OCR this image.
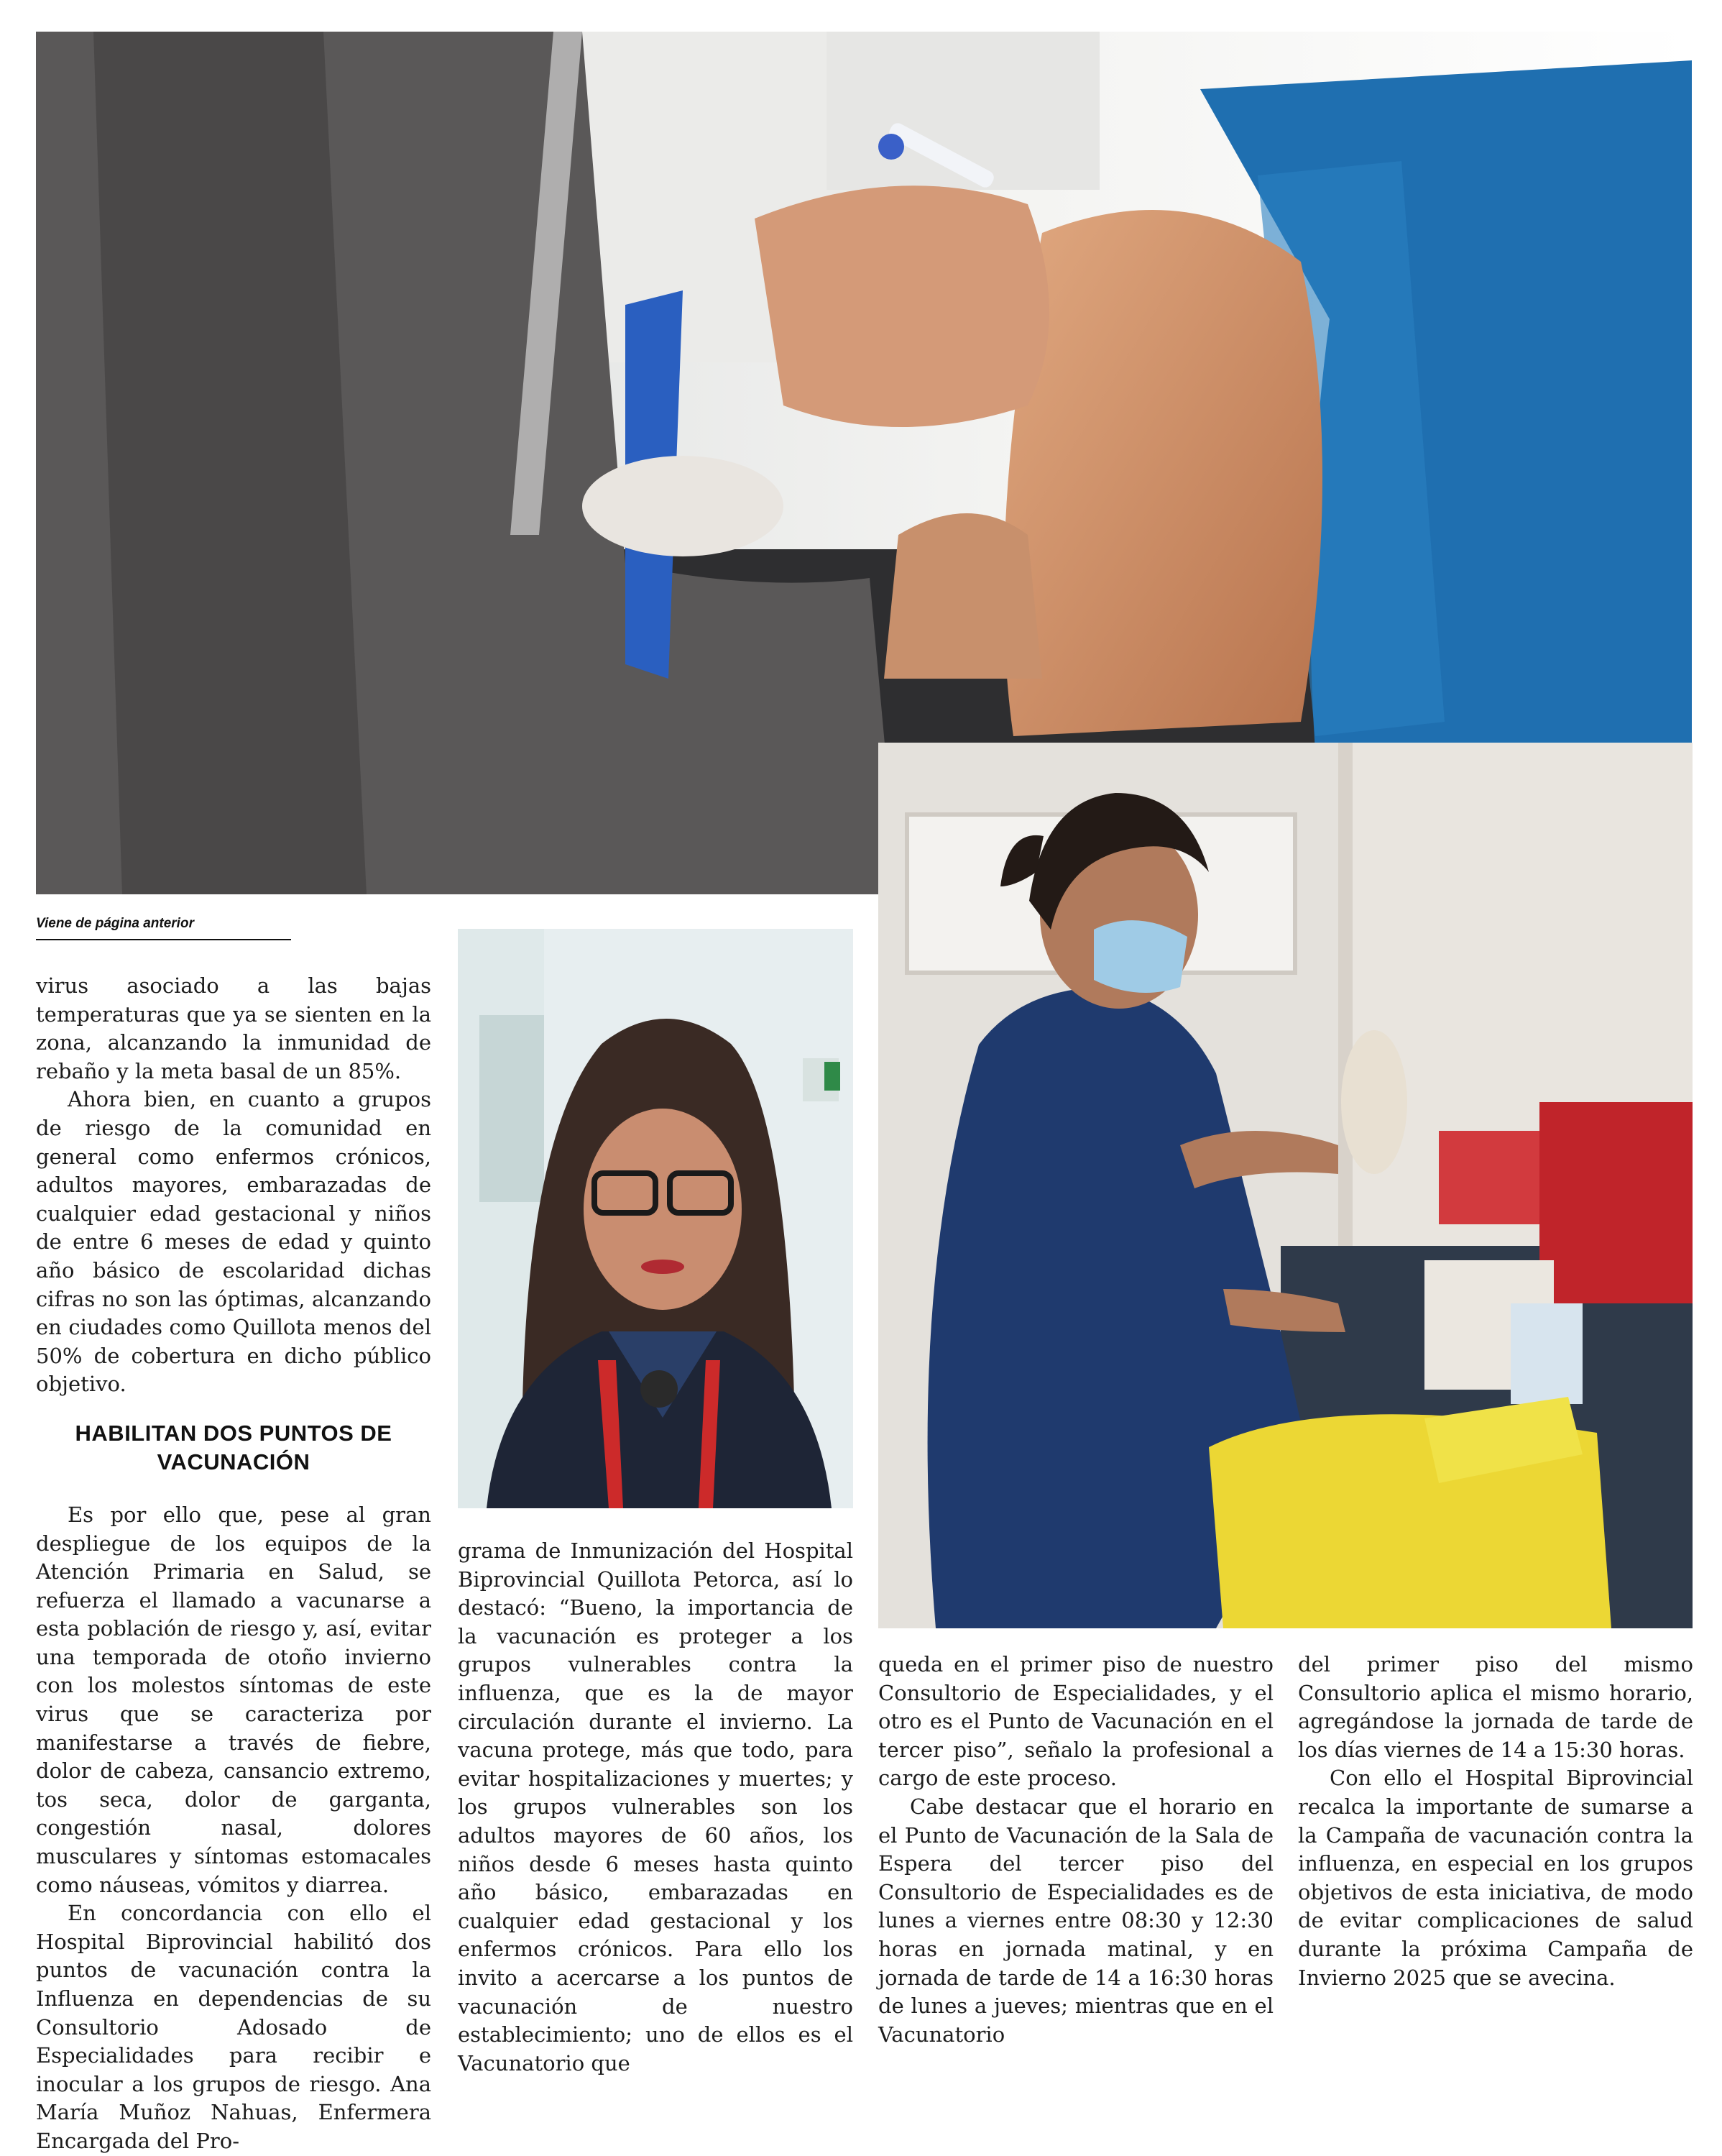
Viene de página anterior

virus asociado a las bajas temperaturas que ya se sienten en la zona, alcanzando la inmunidad de rebaño y la meta basal de un 85%.

Ahora bien, en cuanto a grupos de riesgo de la comunidad en general como enfermos crónicos, adultos mayores, embarazadas de cualquier edad gestacional y niños de entre 6 meses de edad y quinto año básico de escolaridad dichas cifras no son las óptimas, alcanzando en ciudades como Quillota menos del 50% de cobertura en dicho público objetivo.

HABILITAN DOS PUNTOS DE VACUNACIÓN

Es por ello que, pese al gran despliegue de los equipos de la Atención Primaria en Salud, se refuerza el llamado a vacunarse a esta población de riesgo y, así, evitar una temporada de otoño invierno con los molestos síntomas de este virus que se caracteriza por manifestarse a través de fiebre, dolor de cabeza, cansancio extremo, tos seca, dolor de garganta, congestión nasal, dolores musculares y síntomas estomacales como náuseas, vómitos y diarrea.

En concordancia con ello el Hospital Biprovincial habilitó dos puntos de vacunación contra la Influenza en dependencias de su Consultorio Adosado de Especialidades para recibir e inocular a los grupos de riesgo. Ana María Muñoz Nahuas, Enfermera Encargada del Pro-

grama de Inmunización del Hospital Biprovincial Quillota Petorca, así lo destacó: “Bueno, la importancia de la vacunación es proteger a los grupos vulnerables contra la influenza, que es la de mayor circulación durante el invierno. La vacuna protege, más que todo, para evitar hospitalizaciones y muertes; y los grupos vulnerables son los adultos mayores de 60 años, los niños desde 6 meses hasta quinto año básico, embarazadas en cualquier edad gestacional y los enfermos crónicos. Para ello los invito a acercarse a los puntos de vacunación de nuestro establecimiento; uno de ellos es el Vacunatorio que

queda en el primer piso de nuestro Consultorio de Especialidades, y el otro es el Punto de Vacunación en el tercer piso”, señalo la profesional a cargo de este proceso.

Cabe destacar que el horario en el Punto de Vacunación de la Sala de Espera del tercer piso del Consultorio de Especialidades es de lunes a viernes entre 08:30 y 12:30 horas en jornada matinal, y en jornada de tarde de 14 a 16:30 horas de lunes a jueves; mientras que en el Vacunatorio

del primer piso del mismo Consultorio aplica el mismo horario, agregándose la jornada de tarde de los días viernes de 14 a 15:30 horas.

Con ello el Hospital Biprovincial recalca la importante de sumarse a la Campaña de vacunación contra la influenza, en especial en los grupos objetivos de esta iniciativa, de modo de evitar complicaciones de salud durante la próxima Campaña de Invierno 2025 que se avecina.
